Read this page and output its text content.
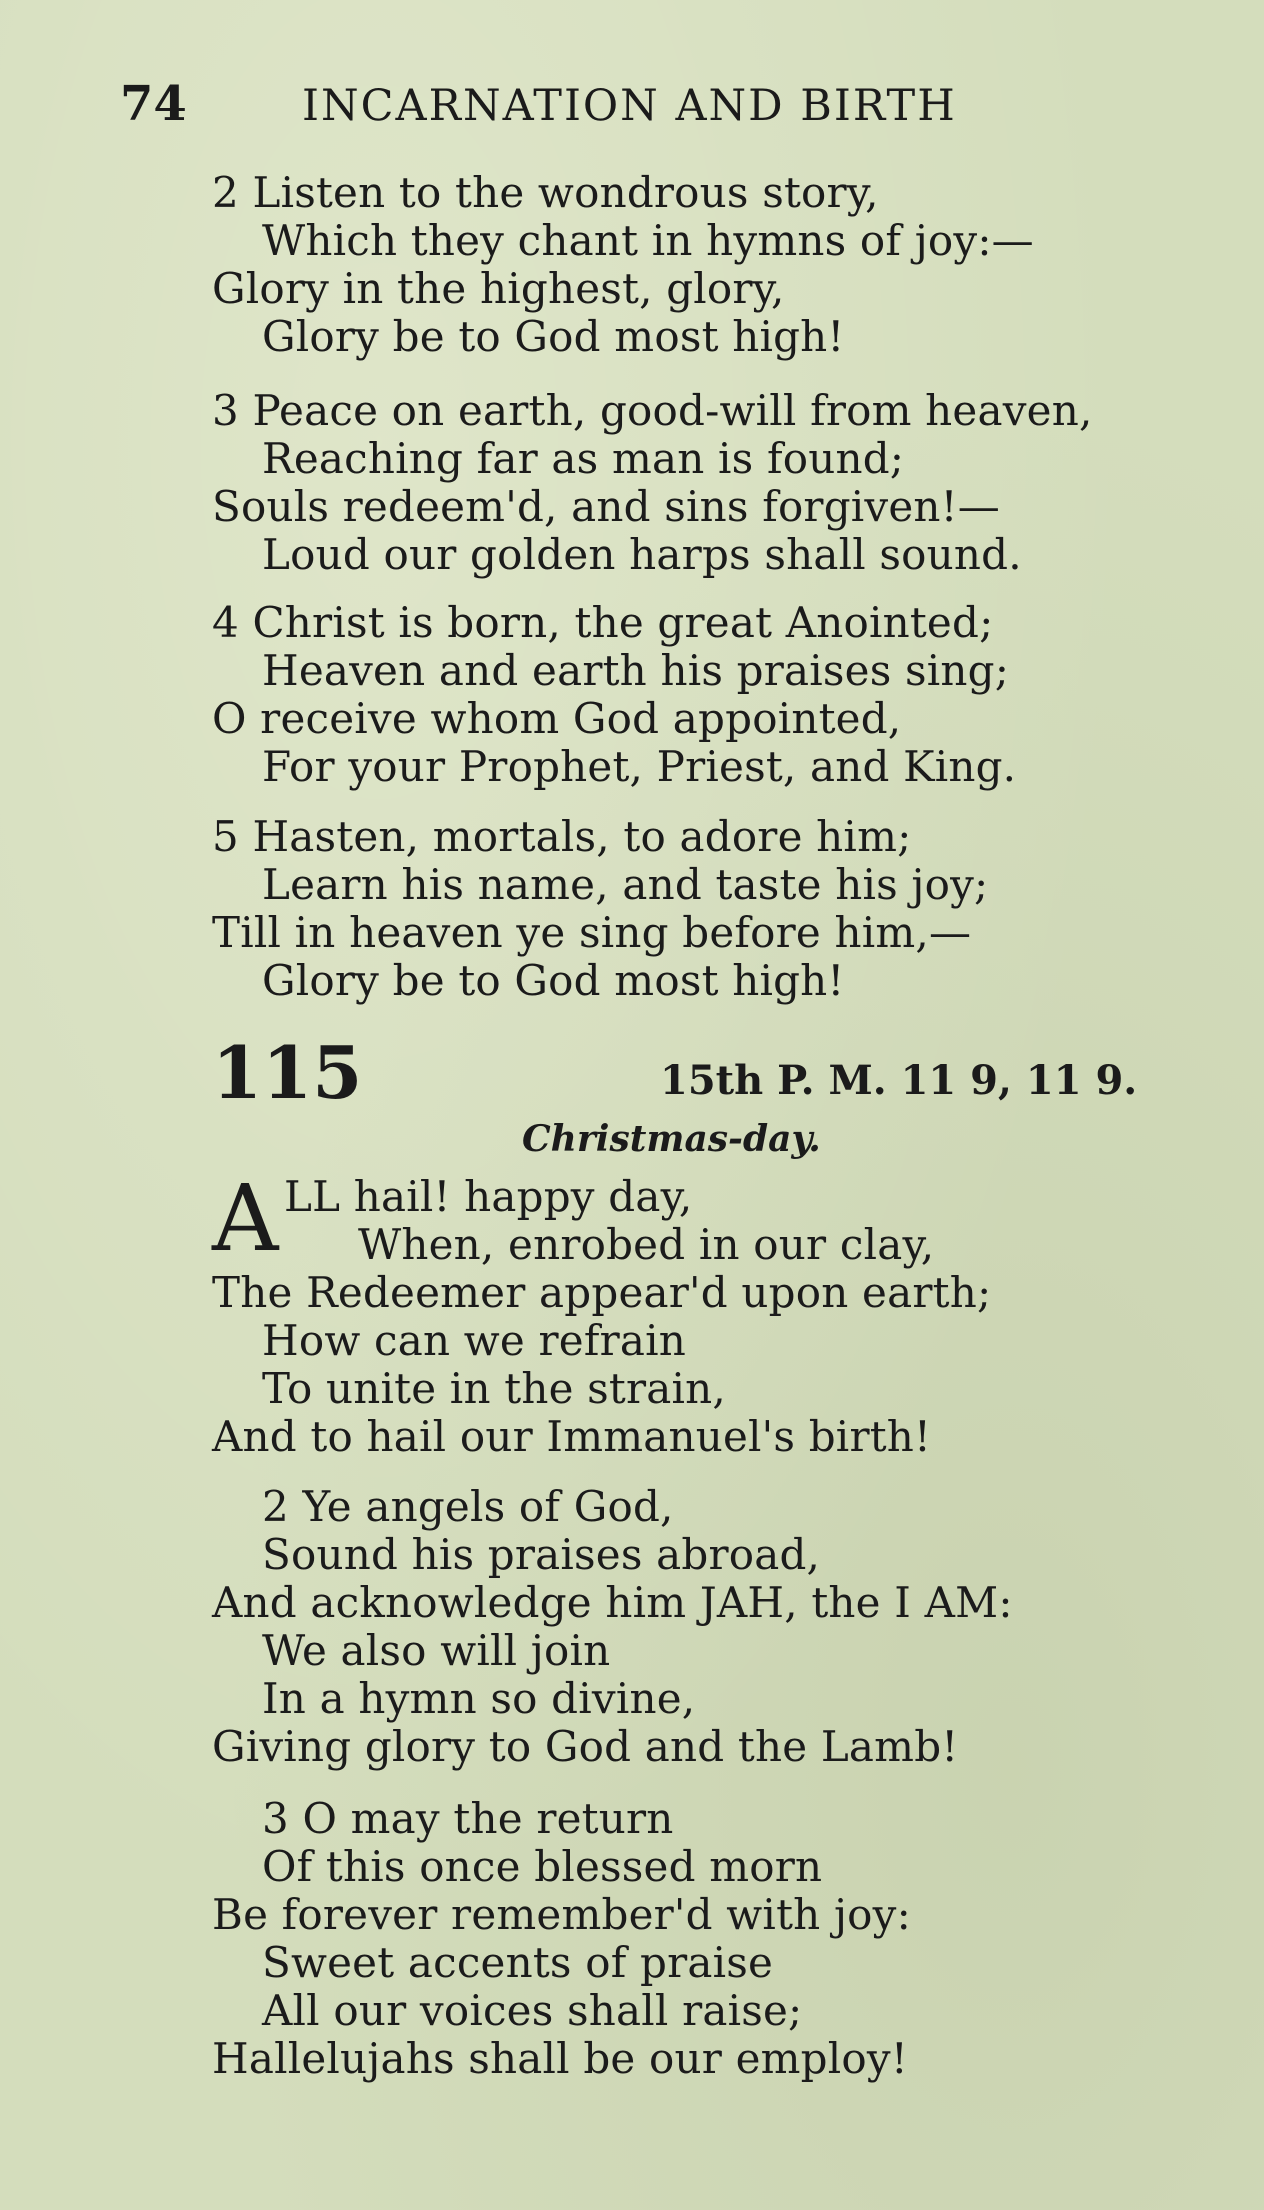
74	INCARNATION AND BIRTH
2 Listen to the wondrous story,
Which they chant in hymns of joy:—
Glory in the highest, glory,
Glory be to God most high!
3 Peace on earth, good-will from heaven,
Reaching far as man is found;
Souls redeem'd, and sins forgiven!—
Loud our golden harps shall sound.
4 Christ is born, the great Anointed;
Heaven and earth his praises sing;
O receive whom God appointed,
For your Prophet, Priest, and King.
5 Hasten, mortals, to adore him;
Learn his name, and taste his joy;
Till in heaven ye sing before him,—
Glory be to God most high!
115	15th P. M. 11 9, 11 9.
Christmas-day.
A LL hail! happy day,
When, enrobed in our clay,
The Redeemer appear'd upon earth;
How can we refrain
To unite in the strain,
And to hail our Immanuel's birth!
2 Ye angels of God,
Sound his praises abroad,
And acknowledge him JAH, the I AM:
We also will join
In a hymn so divine,
Giving glory to God and the Lamb!
3 O may the return
Of this once blessed morn
Be forever remember'd with joy:
Sweet accents of praise
All our voices shall raise;
Hallelujahs shall be our employ!
